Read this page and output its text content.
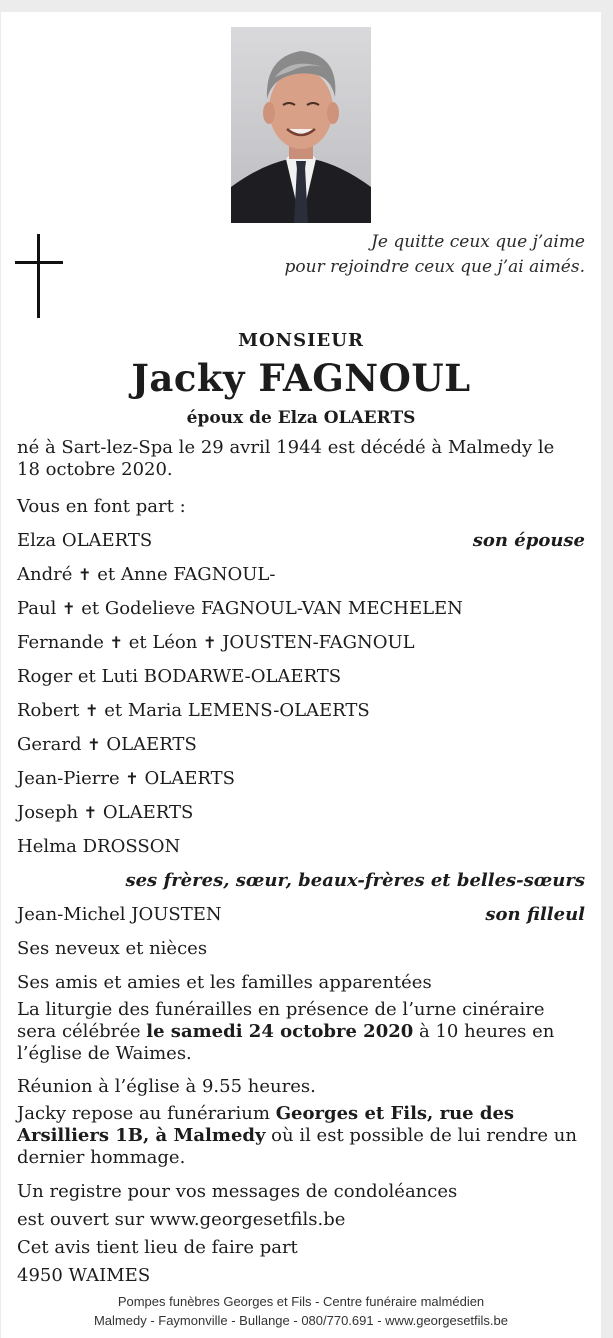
Je quitte ceux que j’aime
pour rejoindre ceux que j’ai aimés.
MONSIEUR
Jacky FAGNOUL
époux de Elza OLAERTS
né à Sart-lez-Spa le 29 avril 1944 est décédé à Malmedy le
18 octobre 2020.
Vous en font part :
Elza OLAERTS	son épouse
André ✝ et Anne FAGNOUL-
Paul ✝ et Godelieve FAGNOUL-VAN MECHELEN
Fernande ✝ et Léon ✝ JOUSTEN-FAGNOUL
Roger et Luti BODARWE-OLAERTS
Robert ✝ et Maria LEMENS-OLAERTS
Gerard ✝ OLAERTS
Jean-Pierre ✝ OLAERTS
Joseph ✝ OLAERTS
Helma DROSSON
ses frères, sœur, beaux-frères et belles-sœurs
Jean-Michel JOUSTEN	son filleul
Ses neveux et nièces
Ses amis et amies et les familles apparentées
La liturgie des funérailles en présence de l’urne cinéraire
sera célébrée le samedi 24 octobre 2020 à 10 heures en
l’église de Waimes.
Réunion à l’église à 9.55 heures.
Jacky repose au funérarium Georges et Fils, rue des
Arsilliers 1B, à Malmedy où il est possible de lui rendre un
dernier hommage.
Un registre pour vos messages de condoléances
est ouvert sur www.georgesetfils.be
Cet avis tient lieu de faire part
4950 WAIMES
Pompes funèbres Georges et Fils - Centre funéraire malmédien
Malmedy - Faymonville - Bullange - 080/770.691 - www.georgesetfils.be
